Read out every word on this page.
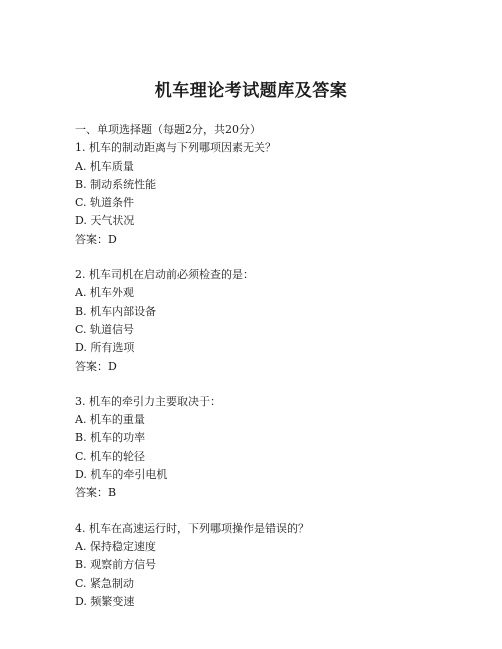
机车理论考试题库及答案
一、单项选择题（每题2分，共20分）
1. 机车的制动距离与下列哪项因素无关？
A. 机车质量
B. 制动系统性能
C. 轨道条件
D. 天气状况
答案：D
2. 机车司机在启动前必须检查的是：
A. 机车外观
B. 机车内部设备
C. 轨道信号
D. 所有选项
答案：D
3. 机车的牵引力主要取决于：
A. 机车的重量
B. 机车的功率
C. 机车的轮径
D. 机车的牵引电机
答案：B
4. 机车在高速运行时，下列哪项操作是错误的？
A. 保持稳定速度
B. 观察前方信号
C. 紧急制动
D. 频繁变速
